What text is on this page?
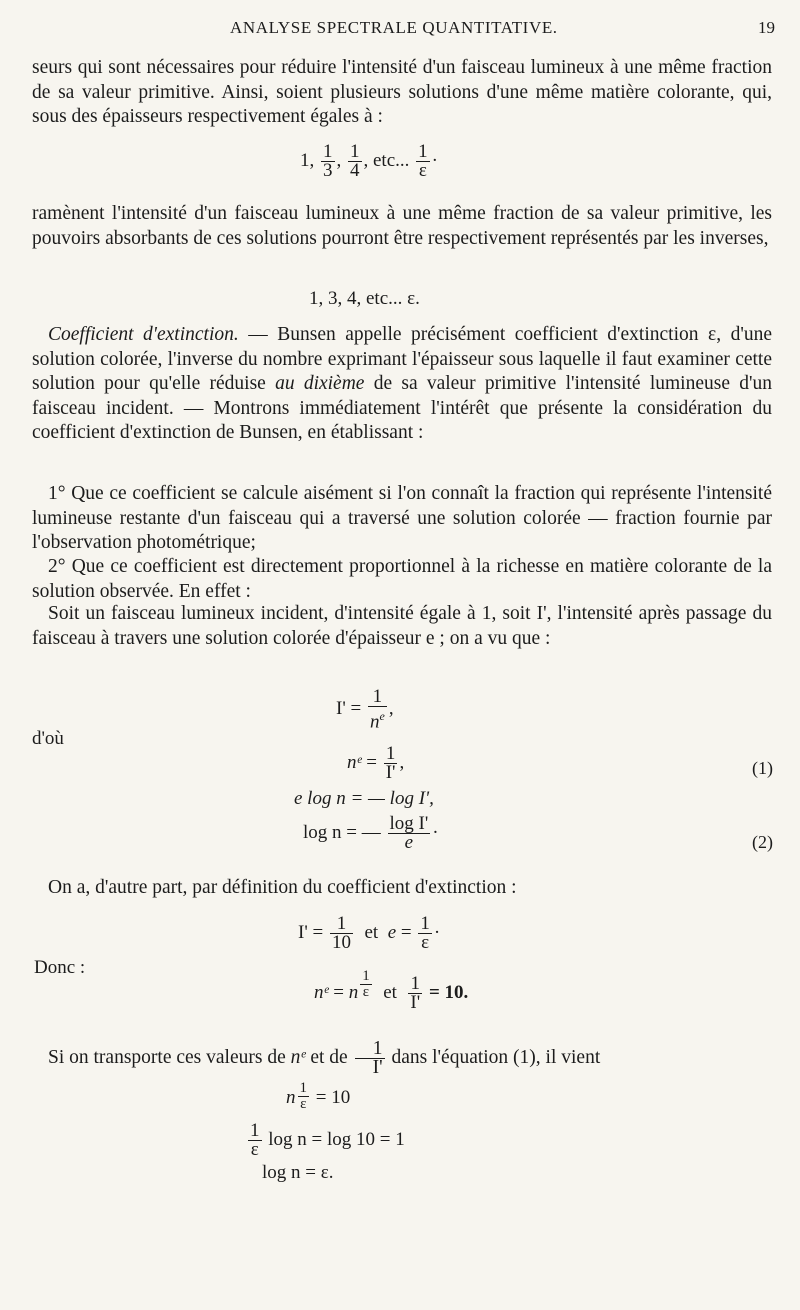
ANALYSE SPECTRALE QUANTITATIVE.	19

seurs qui sont nécessaires pour réduire l'intensité d'un faisceau lumineux à une même fraction de sa valeur primitive. Ainsi, soient plusieurs solutions d'une même matière colorante, qui, sous des épaisseurs respectivement égales à :

1, $\frac{1}{3}$ , $\frac{1}{4}$ , etc... $\frac{1}{\varepsilon}$ ·

ramènent l'intensité d'un faisceau lumineux à une même fraction de sa valeur primitive, les pouvoirs absorbants de ces solutions pourront être respectivement représentés par les inverses,

1, 3, 4, etc... ε.

Coefficient d'extinction. — Bunsen appelle précisément coefficient d'extinction ε, d'une solution colorée, l'inverse du nombre exprimant l'épaisseur sous laquelle il faut examiner cette solution pour qu'elle réduise au dixième de sa valeur primitive l'intensité lumineuse d'un faisceau incident. — Montrons immédiatement l'intérêt que présente la considération du coefficient d'extinction de Bunsen, en établissant :

1° Que ce coefficient se calcule aisément si l'on connaît la fraction qui représente l'intensité lumineuse restante d'un faisceau qui a traversé une solution colorée — fraction fournie par l'observation photométrique;

2° Que ce coefficient est directement proportionnel à la richesse en matière colorante de la solution observée. En effet :

Soit un faisceau lumineux incident, d'intensité égale à 1, soit I', l'intensité après passage du faisceau à travers une solution colorée d'épaisseur e ; on a vu que :

$I' = \frac{1}{n^e}$ ,
d'où
nᵉ = $\frac{1}{I'}$ ,	(1)
e log n = — log I',
log n = — $\frac{\text{log I'}}{e}$ ·	(2)

On a, d'autre part, par définition du coefficient d'extinction :

$I' = \frac{1}{10}$ et $e = \frac{1}{\varepsilon}$ ·
Donc :
nᵉ = n $\frac{1}{\varepsilon}$ et $\frac{1}{I'} = 10$.

Si on transporte ces valeurs de nᵉ et de $\frac{1}{I'}$ dans l'équation (1), il vient

n $\frac{1}{\varepsilon} = 10$
$\frac{1}{\varepsilon}$ log n = log 10 = 1
log n = ε.
